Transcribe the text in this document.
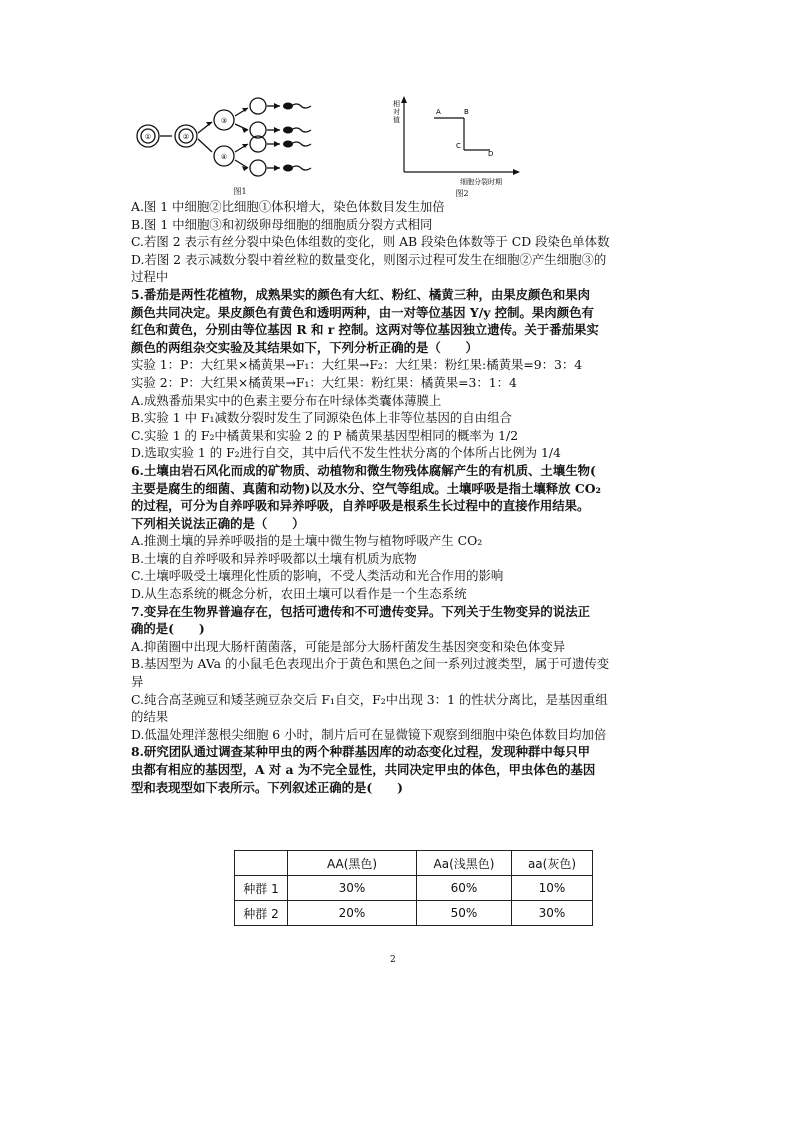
①	②
③
④
图1
相
对
值
A	B
C
D
细胞分裂时期
图2
A.图 1 中细胞②比细胞①体积增大，染色体数目发生加倍
B.图 1 中细胞③和初级卵母细胞的细胞质分裂方式相同
C.若图 2 表示有丝分裂中染色体组数的变化，则 AB 段染色体数等于 CD 段染色单体数
D.若图 2 表示减数分裂中着丝粒的数量变化，则图示过程可发生在细胞②产生细胞③的
过程中
5.番茄是两性花植物，成熟果实的颜色有大红、粉红、橘黄三种，由果皮颜色和果肉
颜色共同决定。果皮颜色有黄色和透明两种，由一对等位基因 Y/y 控制。果肉颜色有
红色和黄色，分别由等位基因 R 和 r 控制。这两对等位基因独立遗传。关于番茄果实
颜色的两组杂交实验及其结果如下，下列分析正确的是（　　）
实验 1：P：大红果×橘黄果→F₁：大红果→F₂：大红果：粉红果:橘黄果=9：3：4
实验 2：P：大红果×橘黄果→F₁：大红果：粉红果：橘黄果=3：1：4
A.成熟番茄果实中的色素主要分布在叶绿体类囊体薄膜上
B.实验 1 中 F₁减数分裂时发生了同源染色体上非等位基因的自由组合
C.实验 1 的 F₂中橘黄果和实验 2 的 P 橘黄果基因型相同的概率为 1/2
D.选取实验 1 的 F₂进行自交，其中后代不发生性状分离的个体所占比例为 1/4
6.土壤由岩石风化而成的矿物质、动植物和微生物残体腐解产生的有机质、土壤生物(
主要是腐生的细菌、真菌和动物)以及水分、空气等组成。土壤呼吸是指土壤释放 CO₂
的过程，可分为自养呼吸和异养呼吸，自养呼吸是根系生长过程中的直接作用结果。
下列相关说法正确的是（　　）
A.推测土壤的异养呼吸指的是土壤中微生物与植物呼吸产生 CO₂
B.土壤的自养呼吸和异养呼吸都以土壤有机质为底物
C.土壤呼吸受土壤理化性质的影响，不受人类活动和光合作用的影响
D.从生态系统的概念分析，农田土壤可以看作是一个生态系统
7.变异在生物界普遍存在，包括可遗传和不可遗传变异。下列关于生物变异的说法正
确的是(　　)
A.抑菌圈中出现大肠杆菌菌落，可能是部分大肠杆菌发生基因突变和染色体变异
B.基因型为 AVa 的小鼠毛色表现出介于黄色和黑色之间一系列过渡类型，属于可遗传变
异
C.纯合高茎豌豆和矮茎豌豆杂交后 F₁自交，F₂中出现 3：1 的性状分离比，是基因重组
的结果
D.低温处理洋葱根尖细胞 6 小时，制片后可在显微镜下观察到细胞中染色体数目均加倍
8.研究团队通过调查某种甲虫的两个种群基因库的动态变化过程，发现种群中每只甲
虫都有相应的基因型，A 对 a 为不完全显性，共同决定甲虫的体色，甲虫体色的基因
型和表现型如下表所示。下列叙述正确的是(　　)
	AA(黑色)	Aa(浅黑色)	aa(灰色)
种群 1	30%	60%	10%
种群 2	20%	50%	30%
2
